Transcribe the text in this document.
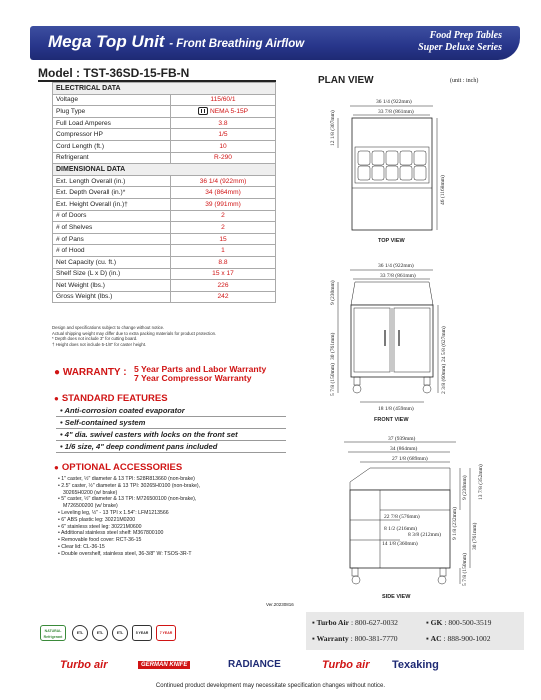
Mega Top Unit - Front Breathing Airflow
Food Prep Tables
Super Deluxe Series
Model : TST-36SD-15-FB-N
ELECTRICAL DATA	
Voltage	115/60/1
Plug Type	NEMA 5-15P
Full Load Amperes	3.8
Compressor HP	1/5
Cord Length (ft.)	10
Refrigerant	R-290
DIMENSIONAL DATA	
Ext. Length Overall (in.)	36 1/4 (922mm)
Ext. Depth Overall (in.)*	34 (864mm)
Ext. Height Overall (in.)†	39 (991mm)
# of Doors	2
# of Shelves	2
# of Pans	15
# of Hood	1
Net Capacity (cu. ft.)	8.8
Shelf Size (L x D) (in.)	15 x 17
Net Weight (lbs.)	226
Gross Weight (lbs.)	242
Design and specifications subject to change without notice.
Actual shipping weight may differ due to extra packing materials for product protection.
* Depth does not include 3" for cutting board.
† Height does not include 5-1/8" for caster height.
● WARRANTY : 5 Year Parts and Labor Warranty
7 Year Compressor Warranty
● STANDARD FEATURES
• Anti-corrosion coated evaporator
• Self-contained system
• 4" dia. swivel casters with locks on the front set
• 1/6 size, 4" deep condiment pans included
● OPTIONAL ACCESSORIES
• 1" caster, ½" diameter & 13 TPI: S28R813660 (non-brake)
• 2.5" caster, ½" diameter & 13 TPI: 30265H0100 (non-brake),
30265H0200 (w/ brake)
• 5" caster, ½" diameter & 13 TPI: M726500100 (non-brake),
M726500200 (w/ brake)
• Leveling leg, ½" - 13 TPI x 1.54": LFM1213566
• 6" ABS plastic leg: 30221M0200
• 6" stainless steel leg: 30221M0600
• Additional stainless steel shelf: M367800100
• Removable food cover: RCT-36-15
• Clear lid: CL-36-15
• Double overshelf, stainless steel, 36-3/8" W: TSOS-3R-T
Ver.20230816
PLAN VIEW	(unit : inch)
36 1/4 (922mm)
33 7/8 (861mm)
12 1/8 (307mm)
46 (1168mm)
TOP VIEW
36 1/4 (922mm)
33 7/8 (861mm)
9 (230mm)
30 (761mm)	24 5/8 (627mm)
2 3/8 (60mm)
5 7/8 (150mm)
18 1/8 (459mm)
FRONT VIEW
37 (939mm)
34 (864mm)
27 1/8 (689mm)
22 7/8 (576mm)
8 1/2 (216mm)
14 1/8 (360mm)
8 3/8 (212mm)
9 (230mm)
30 (761mm)
13 7/8 (352mm)
9 1/8 (232mm)
5 7/8 (150mm)
SIDE VIEW
▪ Turbo Air : 800-627-0032	▪ GK : 800-500-3519
▪ Warranty : 800-381-7770	▪ AC : 888-900-1002
NATURAL Refrigerant
ETL	ETL	ETL	5 YEAR	7 YEAR
Turbo air	GERMAN KNIFE	RADIANCE	Turbo air Texaking
Continued product development may necessitate specification changes without notice.
